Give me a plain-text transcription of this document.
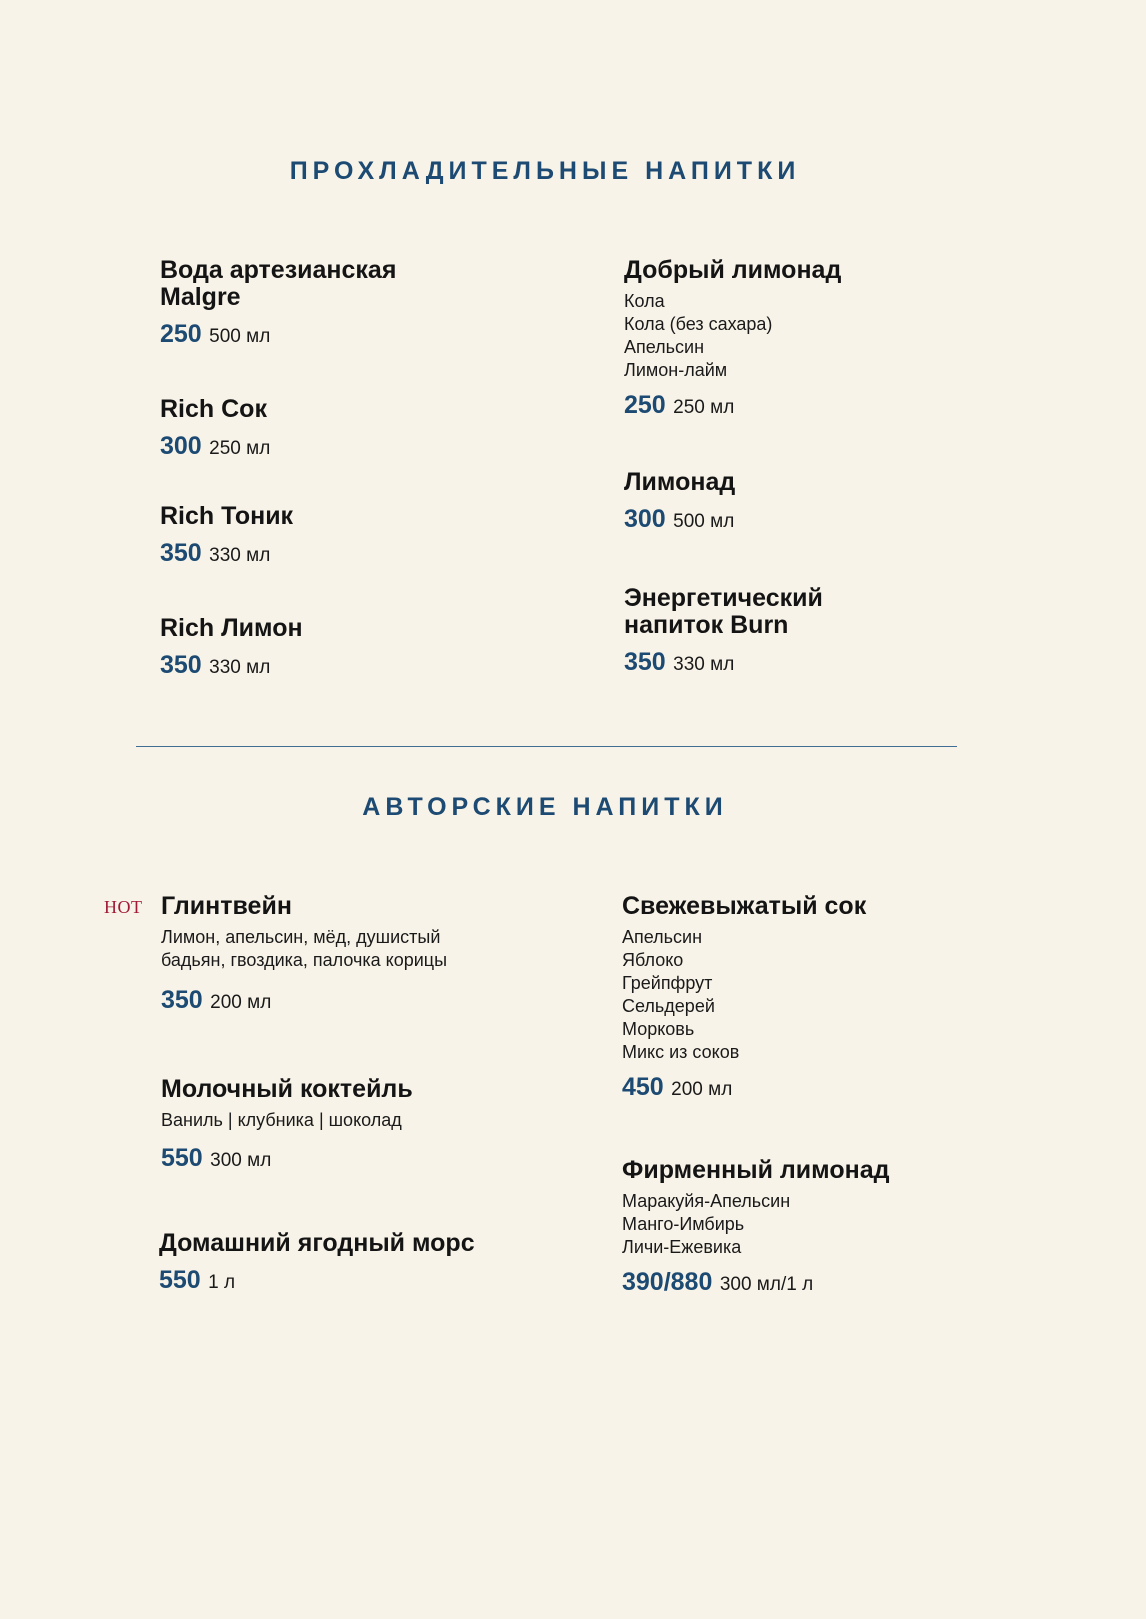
ПРОХЛАДИТЕЛЬНЫЕ НАПИТКИ
Вода артезианская
Malgre
250 500 мл
Rich Сок
300 250 мл
Rich Тоник
350 330 мл
Rich Лимон
350 330 мл
Добрый лимонад
Кола
Кола (без сахара)
Апельсин
Лимон-лайм
250 250 мл
Лимонад
300 500 мл
Энергетический
напиток Burn
350 330 мл
АВТОРСКИЕ НАПИТКИ
HOT Глинтвейн
Лимон, апельсин, мёд, душистый
бадьян, гвоздика, палочка корицы
350 200 мл
Молочный коктейль
Ваниль | клубника | шоколад
550 300 мл
Домашний ягодный морс
550 1 л
Свежевыжатый сок
Апельсин
Яблоко
Грейпфрут
Сельдерей
Морковь
Микс из соков
450 200 мл
Фирменный лимонад
Маракуйя-Апельсин
Манго-Имбирь
Личи-Ежевика
390/880 300 мл/1 л
